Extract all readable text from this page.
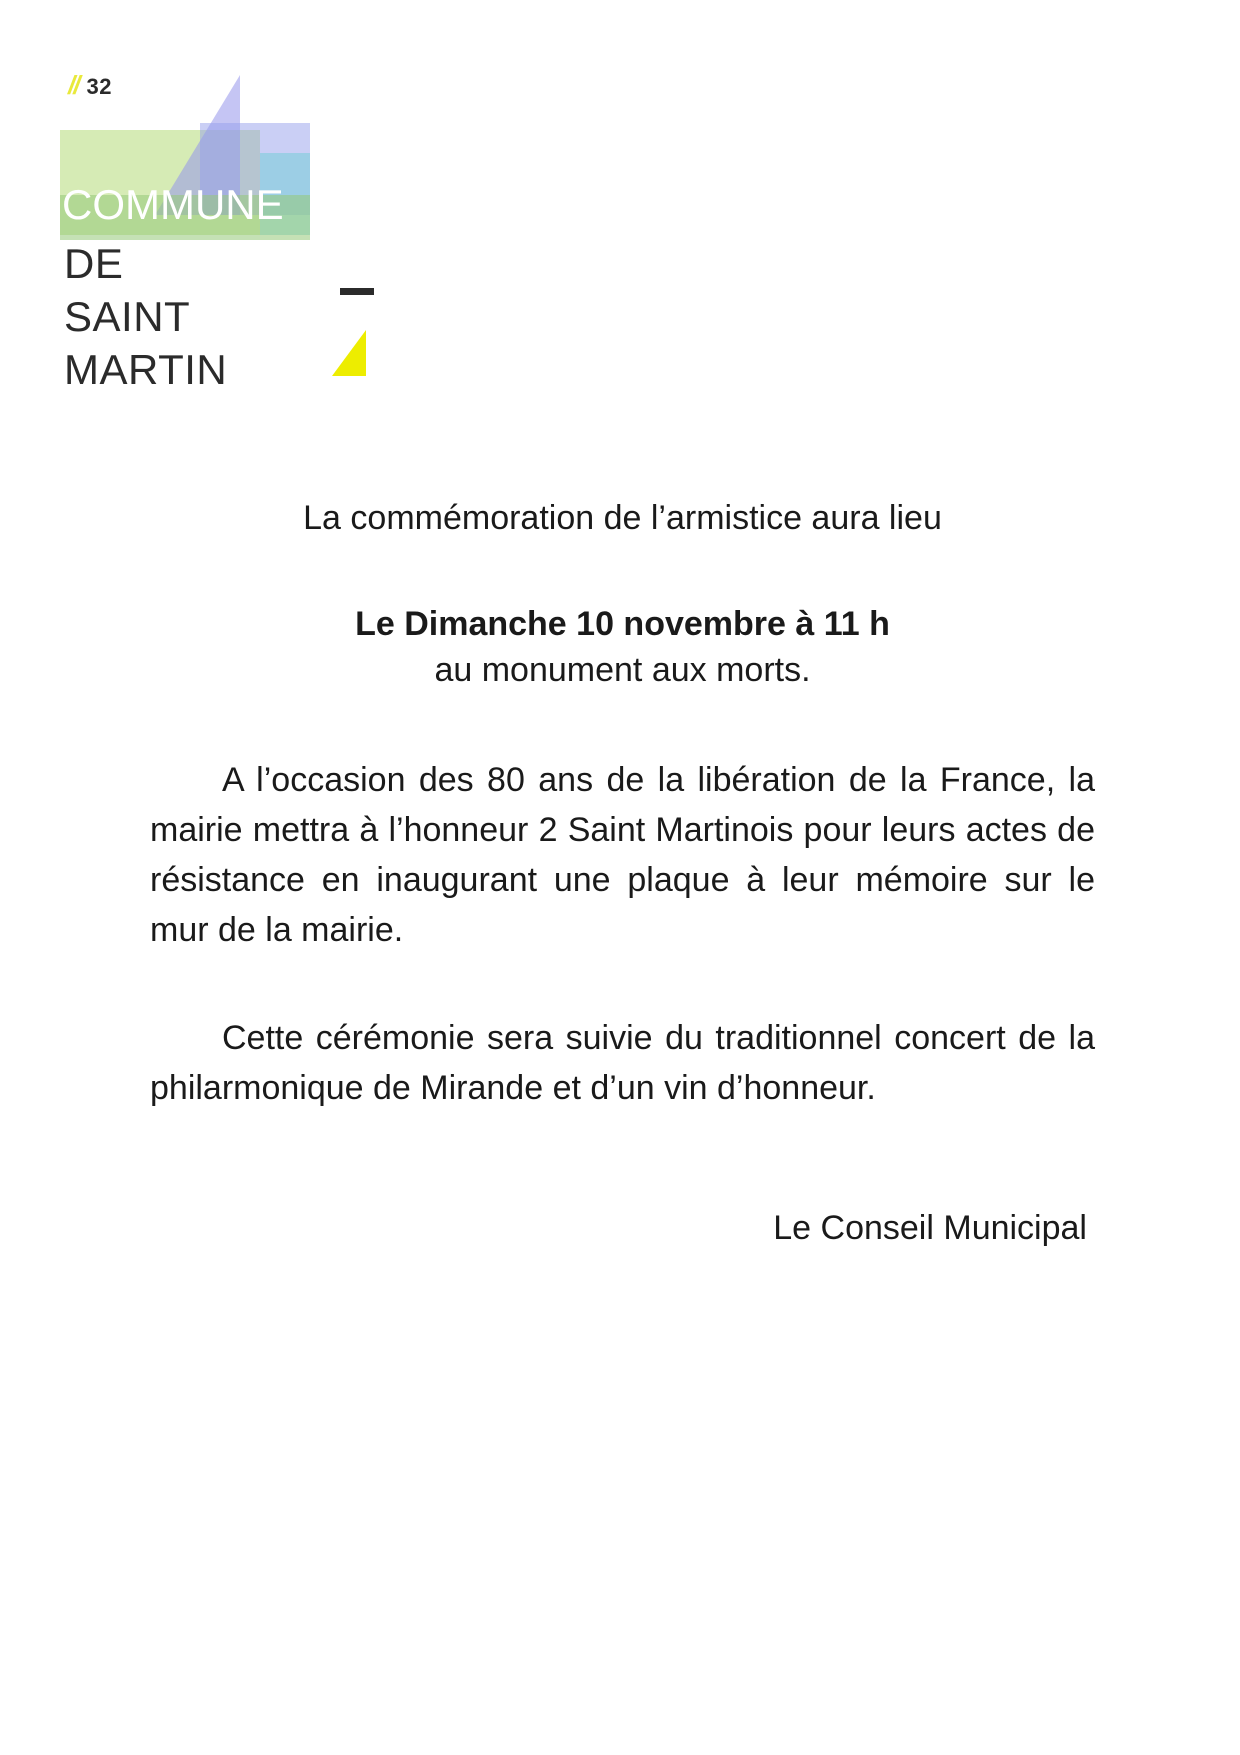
// 32
COMMUNE
DE
SAINT
MARTIN
La commémoration de l’armistice aura lieu
Le Dimanche 10 novembre à 11 h
au monument aux morts.
A l’occasion des 80 ans de la libération de la France, la mairie mettra à l’honneur 2 Saint Martinois pour leurs actes de résistance en inaugurant une plaque à leur mémoire sur le mur de la mairie.
Cette cérémonie sera suivie du traditionnel concert de la philarmonique de Mirande et d’un vin d’honneur.
Le Conseil Municipal
